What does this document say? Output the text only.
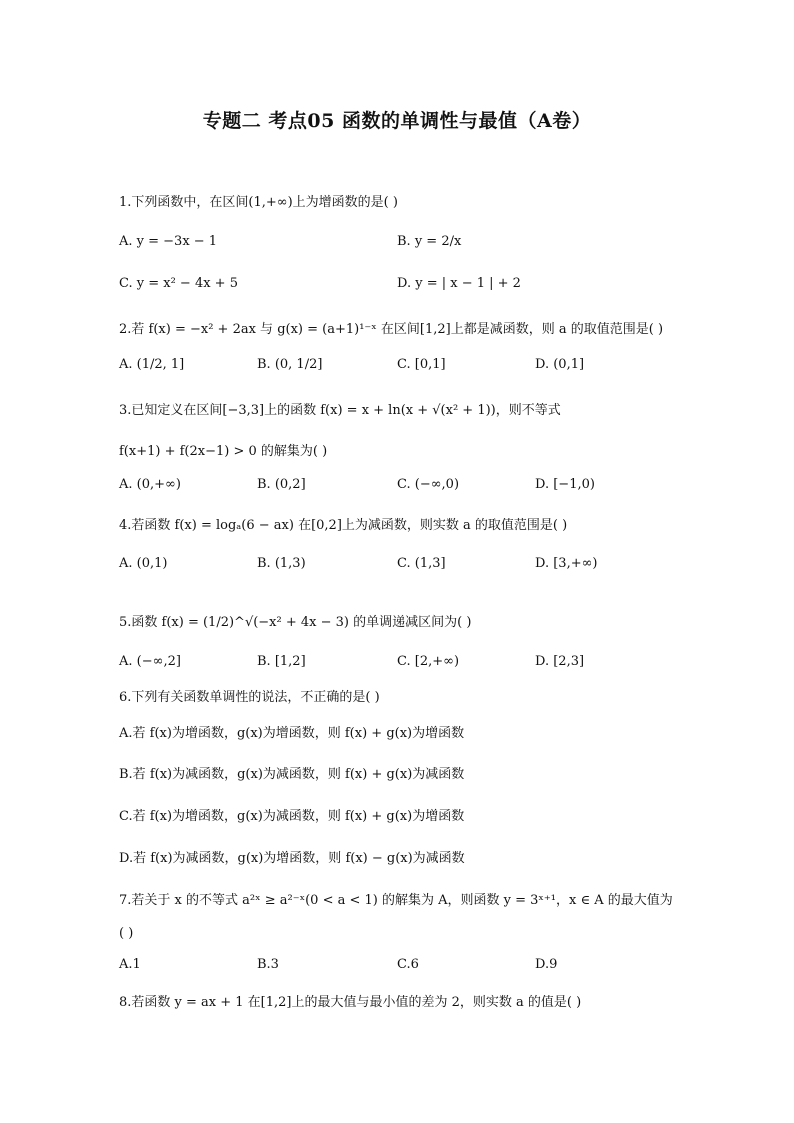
专题二 考点05 函数的单调性与最值（A卷）
1.下列函数中，在区间(1,+∞)上为增函数的是( )
A. y = −3x − 1	B. y = 2/x
C. y = x² − 4x + 5	D. y = | x − 1 | + 2
2.若 f(x) = −x² + 2ax 与 g(x) = (a+1)¹⁻ˣ 在区间[1,2]上都是减函数，则 a 的取值范围是( )
A. (1/2, 1]	B. (0, 1/2]	C. [0,1]	D. (0,1]
3.已知定义在区间[−3,3]上的函数 f(x) = x + ln(x + √(x² + 1))，则不等式
f(x+1) + f(2x−1) > 0 的解集为( )
A. (0,+∞)	B. (0,2]	C. (−∞,0)	D. [−1,0)
4.若函数 f(x) = logₐ(6 − ax) 在[0,2]上为减函数，则实数 a 的取值范围是( )
A. (0,1)	B. (1,3)	C. (1,3]	D. [3,+∞)
5.函数 f(x) = (1/2)^√(−x² + 4x − 3) 的单调递减区间为( )
A. (−∞,2]	B. [1,2]	C. [2,+∞)	D. [2,3]
6.下列有关函数单调性的说法，不正确的是( )
A.若 f(x)为增函数，g(x)为增函数，则 f(x) + g(x)为增函数
B.若 f(x)为减函数，g(x)为减函数，则 f(x) + g(x)为减函数
C.若 f(x)为增函数，g(x)为减函数，则 f(x) + g(x)为增函数
D.若 f(x)为减函数，g(x)为增函数，则 f(x) − g(x)为减函数
7.若关于 x 的不等式 a²ˣ ≥ a²⁻ˣ(0 < a < 1) 的解集为 A，则函数 y = 3ˣ⁺¹，x ∈ A 的最大值为
( )
A.1	B.3	C.6	D.9
8.若函数 y = ax + 1 在[1,2]上的最大值与最小值的差为 2，则实数 a 的值是( )
